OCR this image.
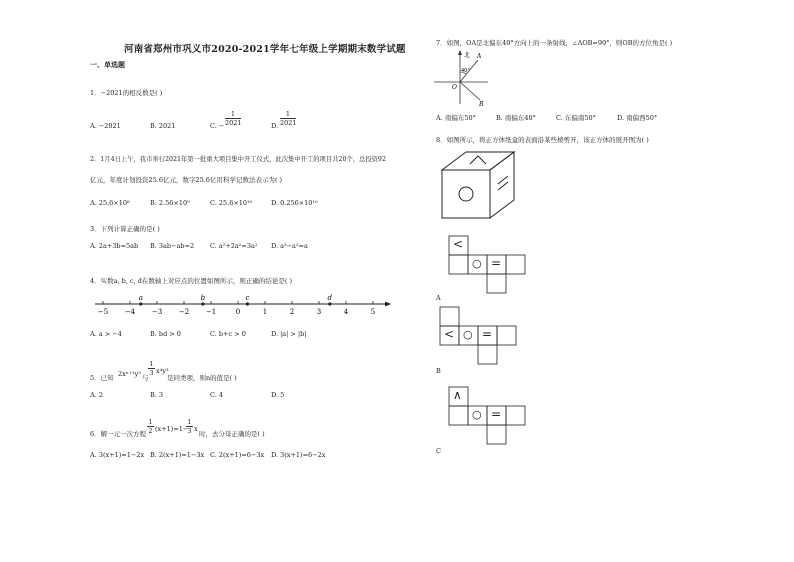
河南省郑州市巩义市2020-2021学年七年级上学期期末数学试题
一、单选题
1．−2021的相反数是( )
A. −2021	B. 2021	C. − $\frac{1}{2021}$	D. $\frac{1}{2021}$
2．1月4日上午，我市举行2021年第一批重大项目集中开工仪式，此次集中开工的项目共20个，总投资92
亿元，年度计划投资25.6亿元，数字25.6亿用科学记数法表示为( )
A. 25.6×10⁸	B. 2.56×10⁹	C. 25.6×10¹⁰	D. 0.256×10¹⁰
3．下列计算正确的是( )
A. 2a+3b=5ab B. 3ab−ab=2 C. a²+2a²=3a² D. a³−a²=a
4．实数a, b, c, d在数轴上对应点的位置如图所示，则正确的结论是( )
−5 −4 −3 −2 −1	0	1	2	3	4	5
a	b	c	d
A. a > −4	B. bd > 0	C. b+c > 0	D. |a| > |b|
5．已知 2xⁿ⁺¹y³ 与
$\frac{1}{3} x^4y^3$
是同类项，则n的值是( )
A. 2	B. 3	C. 4	D. 5
6．解一元一次方程 $\frac{1}{2} (x+1)=1-$
$\frac{1}{3}$ x
时，去分母正确的是( )
A. 3(x+1)=1−2x B. 2(x+1)=1−3x C. 2(x+1)=6−3x D. 3(x+1)=6−2x
7．如图，OA是北偏东40°方向上的一条射线，∠AOB=90°，则OB的方位角是( )
北
40°
O
A
B
A. 南偏东50°	B. 南偏东40°	C. 东偏南50°	D. 南偏西50°
8．如图所示，将正方体纸盒的表面沿某些棱剪开，该正方体的展开图为( )
<
○ =
A
< ○ =
B
∧
○ =
C
